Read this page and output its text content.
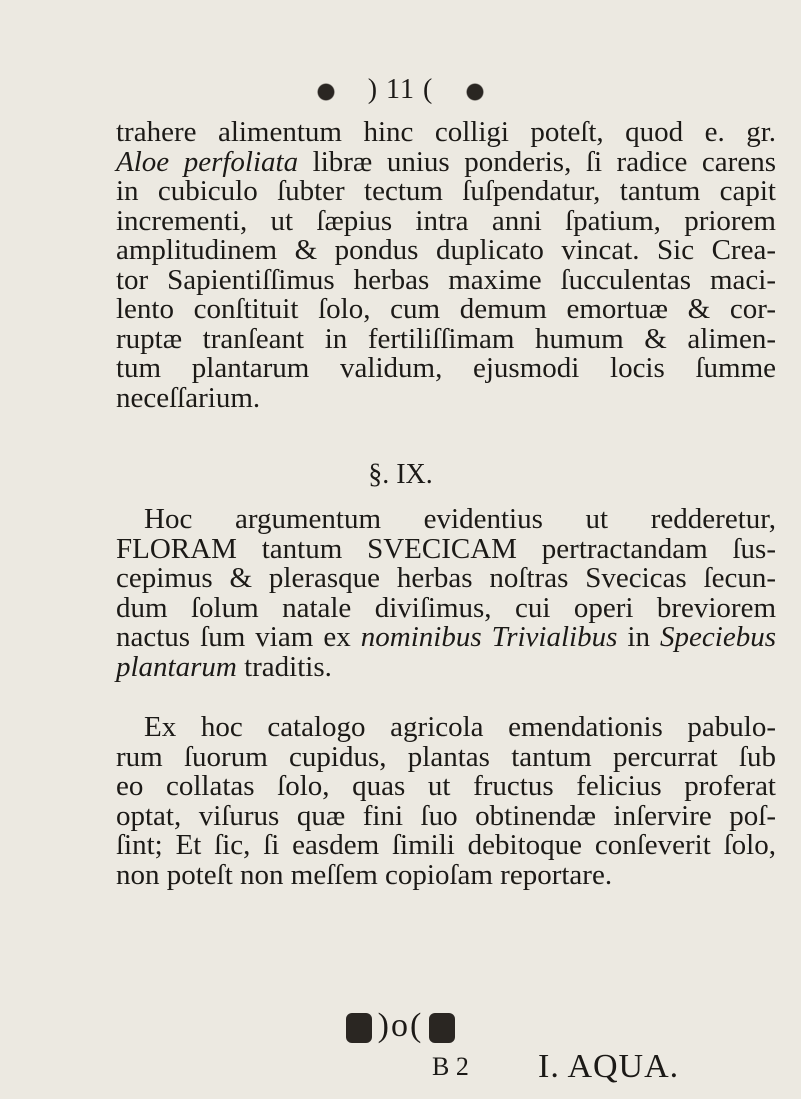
) 11 (
trahere alimentum hinc colligi poteſt, quod e. gr.
Aloe perfoliata libræ unius ponderis, ſi radice carens
in cubiculo ſubter tectum ſuſpendatur, tantum capit
incrementi, ut ſæpius intra anni ſpatium, priorem
amplitudinem & pondus duplicato vincat. Sic Crea-
tor Sapientiſſimus herbas maxime ſucculentas maci-
lento conſtituit ſolo, cum demum emortuæ & cor-
ruptæ tranſeant in fertiliſſimam humum & alimen-
tum plantarum validum, ejusmodi locis ſumme
neceſſarium.
§. IX.
Hoc argumentum evidentius ut redderetur,
FLORAM tantum SVECICAM pertractandam ſus-
cepimus & plerasque herbas noſtras Svecicas ſecun-
dum ſolum natale diviſimus, cui operi breviorem
nactus ſum viam ex nominibus Trivialibus in Speciebus
plantarum traditis.
Ex hoc catalogo agricola emendationis pabulo-
rum ſuorum cupidus, plantas tantum percurrat ſub
eo collatas ſolo, quas ut fructus felicius proferat
optat, viſurus quæ fini ſuo obtinendæ inſervire poſ-
ſint; Et ſic, ſi easdem ſimili debitoque conſeverit ſolo,
non poteſt non meſſem copioſam reportare.
)o(
B 2 I. AQUA.
